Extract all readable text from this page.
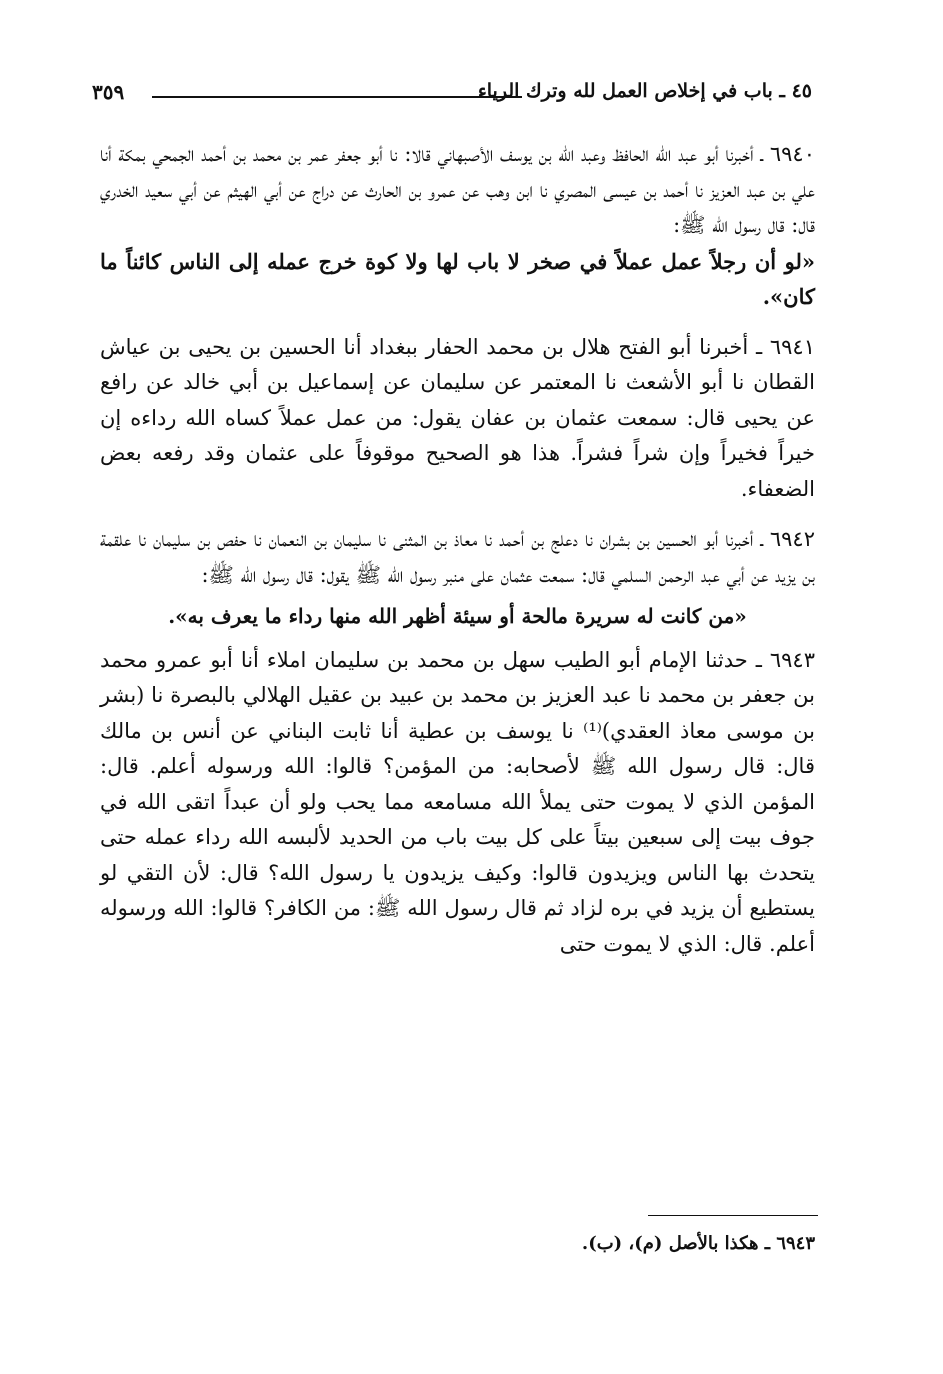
٤٥ ـ باب في إخلاص العمل لله وترك الرياء
٣٥٩

٦٩٤٠ ـ أخبرنا أبو عبد الله الحافظ وعبد الله بن يوسف الأصبهاني قالا: نا أبو جعفر عمر بن محمد بن أحمد الجمحي بمكة أنا علي بن عبد العزيز نا أحمد بن عيسى المصري نا ابن وهب عن عمرو بن الحارث عن دراج عن أبي الهيثم عن أبي سعيد الخدري قال: قال رسول الله ﷺ:

«لو أن رجلاً عمل عملاً في صخر لا باب لها ولا كوة خرج عمله إلى الناس كائناً ما كان».

٦٩٤١ ـ أخبرنا أبو الفتح هلال بن محمد الحفار ببغداد أنا الحسين بن يحيى بن عياش القطان نا أبو الأشعث نا المعتمر عن سليمان عن إسماعيل بن أبي خالد عن رافع عن يحيى قال: سمعت عثمان بن عفان يقول: من عمل عملاً كساه الله رداءه إن خيراً فخيراً وإن شراً فشراً. هذا هو الصحيح موقوفاً على عثمان وقد رفعه بعض الضعفاء.

٦٩٤٢ ـ أخبرنا أبو الحسين بن بشران نا دعلج بن أحمد نا معاذ بن المثنى نا سليمان بن النعمان نا حفص بن سليمان نا علقمة بن يزيد عن أبي عبد الرحمن السلمي قال: سمعت عثمان على منبر رسول الله ﷺ يقول: قال رسول الله ﷺ:

«من كانت له سريرة مالحة أو سيئة أظهر الله منها رداء ما يعرف به».

٦٩٤٣ ـ حدثنا الإمام أبو الطيب سهل بن محمد بن سليمان املاء أنا أبو عمرو محمد بن جعفر بن محمد نا عبد العزيز بن محمد بن عبيد بن عقيل الهلالي بالبصرة نا (بشر بن موسى معاذ العقدي)⁽¹⁾ نا يوسف بن عطية أنا ثابت البناني عن أنس بن مالك قال: قال رسول الله ﷺ لأصحابه: من المؤمن؟ قالوا: الله ورسوله أعلم. قال: المؤمن الذي لا يموت حتى يملأ الله مسامعه مما يحب ولو أن عبداً اتقى الله في جوف بيت إلى سبعين بيتاً على كل بيت باب من الحديد لألبسه الله رداء عمله حتى يتحدث بها الناس ويزيدون قالوا: وكيف يزيدون يا رسول الله؟ قال: لأن التقي لو يستطيع أن يزيد في بره لزاد ثم قال رسول الله ﷺ: من الكافر؟ قالوا: الله ورسوله أعلم. قال: الذي لا يموت حتى

٦٩٤٣ ـ هكذا بالأصل (م)، (ب).
